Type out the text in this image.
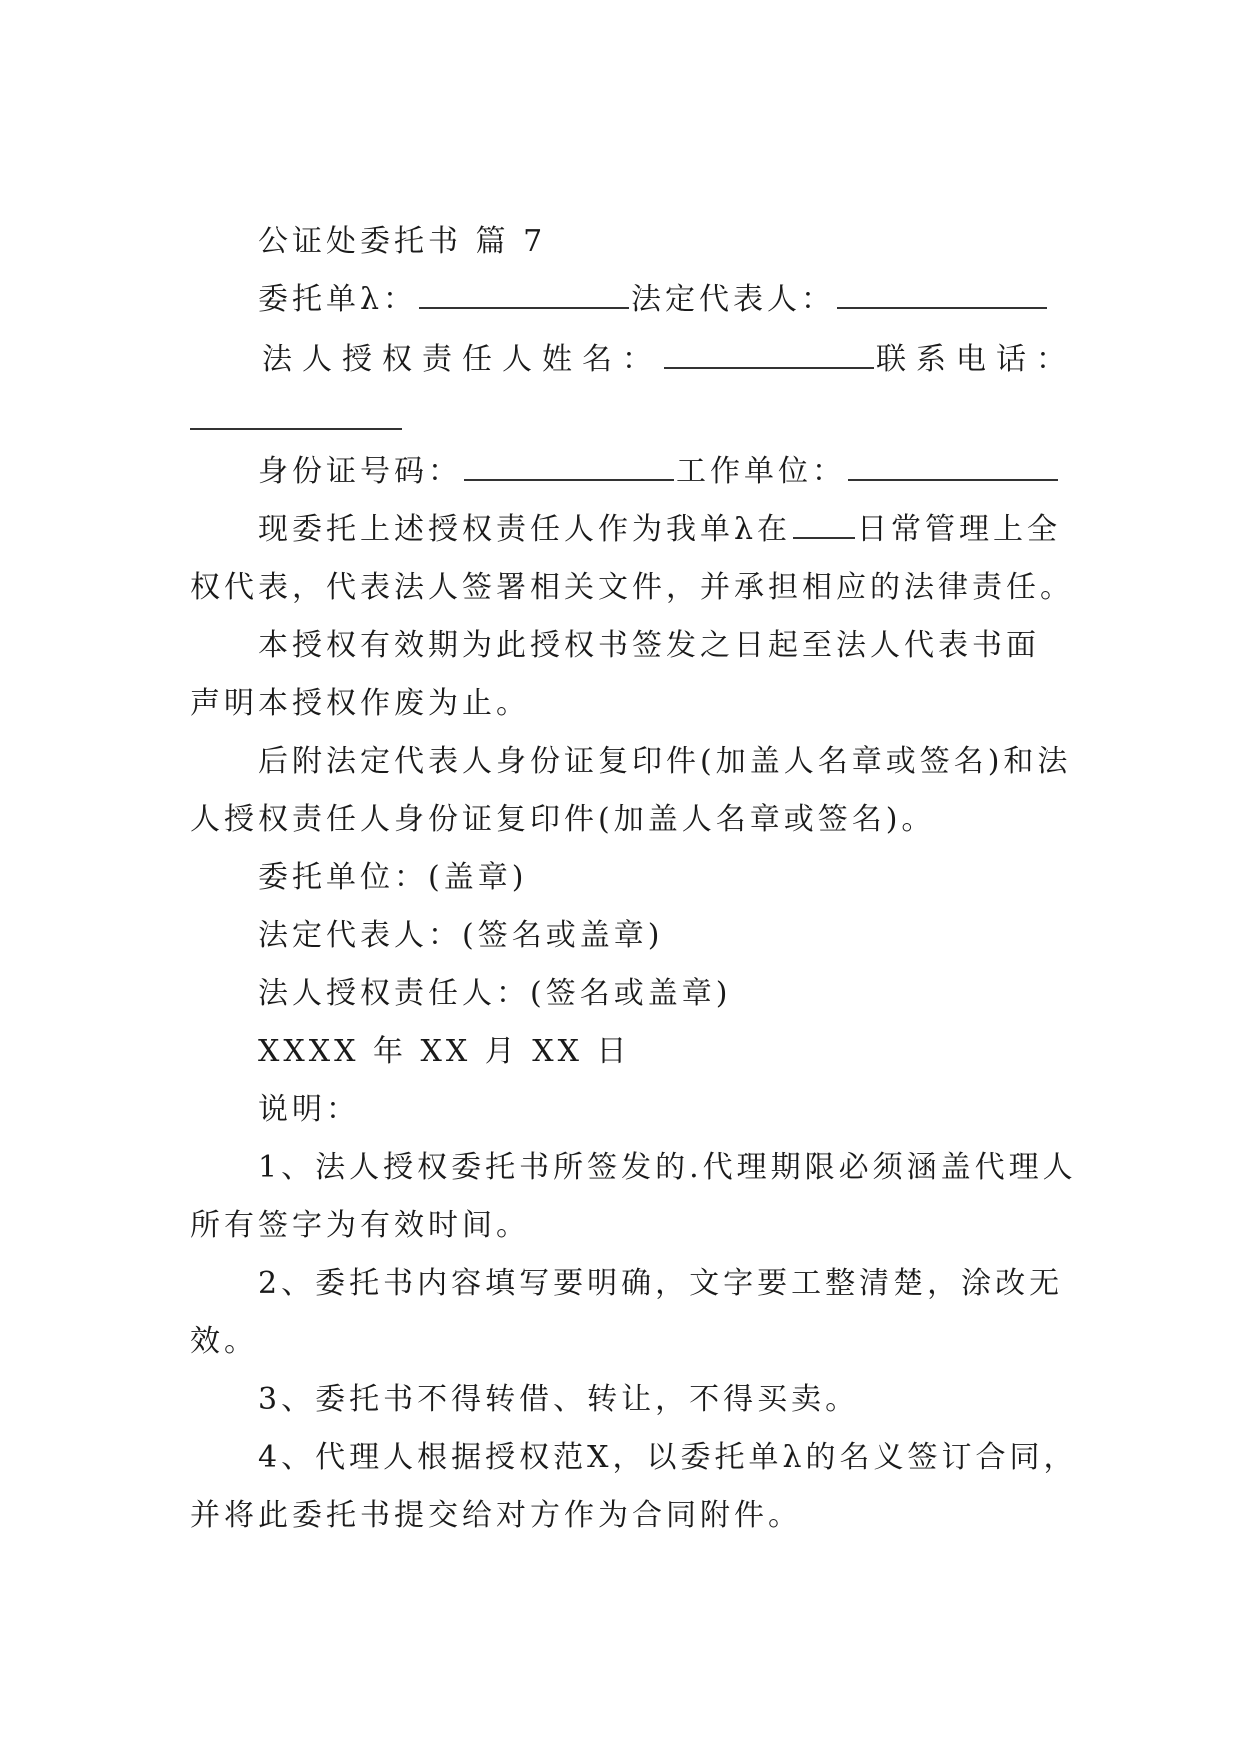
公证处委托书 篇 7
委托单λ：	法定代表人：
法人授权责任人姓名：	联系电话：
身份证号码：	工作单位：
现委托上述授权责任人作为我单λ在 日常管理上全
权代表，代表法人签署相关文件，并承担相应的法律责任。
本授权有效期为此授权书签发之日起至法人代表书面
声明本授权作废为止。
后附法定代表人身份证复印件(加盖人名章或签名)和法
人授权责任人身份证复印件(加盖人名章或签名)。
委托单位：(盖章)
法定代表人：(签名或盖章)
法人授权责任人：(签名或盖章)
XXXX 年 XX 月 XX 日
说明：
1、法人授权委托书所签发的.代理期限必须涵盖代理人
所有签字为有效时间。
2、委托书内容填写要明确，文字要工整清楚，涂改无
效。
3、委托书不得转借、转让，不得买卖。
4、代理人根据授权范X，以委托单λ的名义签订合同，
并将此委托书提交给对方作为合同附件。
